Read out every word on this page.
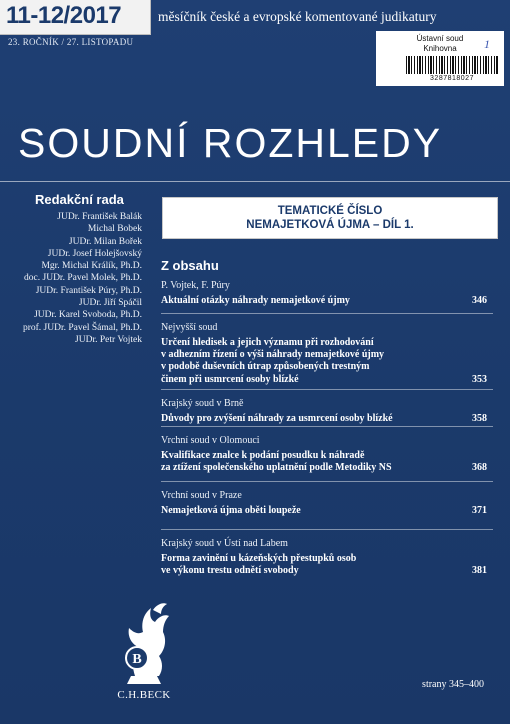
11-12/2017
23. ROČNÍK / 27. LISTOPADU
měsíčník české a evropské komentované judikatury
Ústavní soud
Knihovna	1
3287818027
SOUDNÍ ROZHLEDY
Redakční rada
JUDr. František Balák
Michal Bobek
JUDr. Milan Bořek
JUDr. Josef Holejšovský
Mgr. Michal Králík, Ph.D.
doc. JUDr. Pavel Molek, Ph.D.
JUDr. František Púry, Ph.D.
JUDr. Jiří Spáčil
JUDr. Karel Svoboda, Ph.D.
prof. JUDr. Pavel Šámal, Ph.D.
JUDr. Petr Vojtek
TEMATICKÉ ČÍSLO
NEMAJETKOVÁ ÚJMA – DÍL 1.
Z obsahu
P. Vojtek, F. Púry
Aktuální otázky náhrady nemajetkové újmy	346
Nejvyšší soud
Určení hledisek a jejich významu při rozhodování
v adhezním řízení o výši náhrady nemajetkové újmy
v podobě duševních útrap způsobených trestným
činem při usmrcení osoby blízké	353
Krajský soud v Brně
Důvody pro zvýšení náhrady za usmrcení osoby blízké	358
Vrchní soud v Olomouci
Kvalifikace znalce k podání posudku k náhradě
za ztížení společenského uplatnění podle Metodiky NS	368
Vrchní soud v Praze
Nemajetková újma oběti loupeže	371
Krajský soud v Ústí nad Labem
Forma zavinění u kázeňských přestupků osob
ve výkonu trestu odnětí svobody	381
B
C.H.BECK
strany 345–400
